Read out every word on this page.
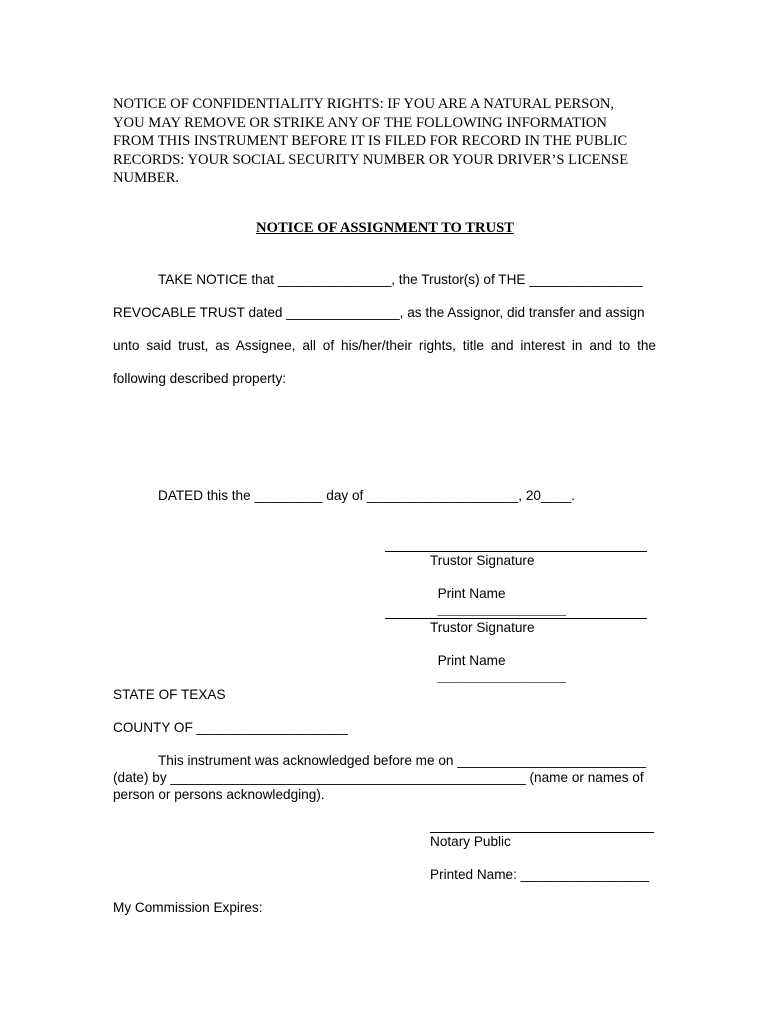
NOTICE OF CONFIDENTIALITY RIGHTS: IF YOU ARE A NATURAL PERSON,
YOU MAY REMOVE OR STRIKE ANY OF THE FOLLOWING INFORMATION
FROM THIS INSTRUMENT BEFORE IT IS FILED FOR RECORD IN THE PUBLIC
RECORDS: YOUR SOCIAL SECURITY NUMBER OR YOUR DRIVER’S LICENSE
NUMBER.
NOTICE OF ASSIGNMENT TO TRUST
TAKE NOTICE that _______________, the Trustor(s) of THE _______________
REVOCABLE TRUST dated _______________, as the Assignor, did transfer and assign
unto said trust, as Assignee, all of his/her/their rights, title and interest in and to the
following described property:
DATED this the _________ day of ____________________, 20____.
Trustor Signature

Print Name
_________________

Trustor Signature

Print Name
_________________

STATE OF TEXAS
COUNTY OF ____________________
This instrument was acknowledged before me on _________________________
(date) by _______________________________________________ (name or names of
person or persons acknowledging).
Notary Public
Printed Name: _________________
My Commission Expires:
